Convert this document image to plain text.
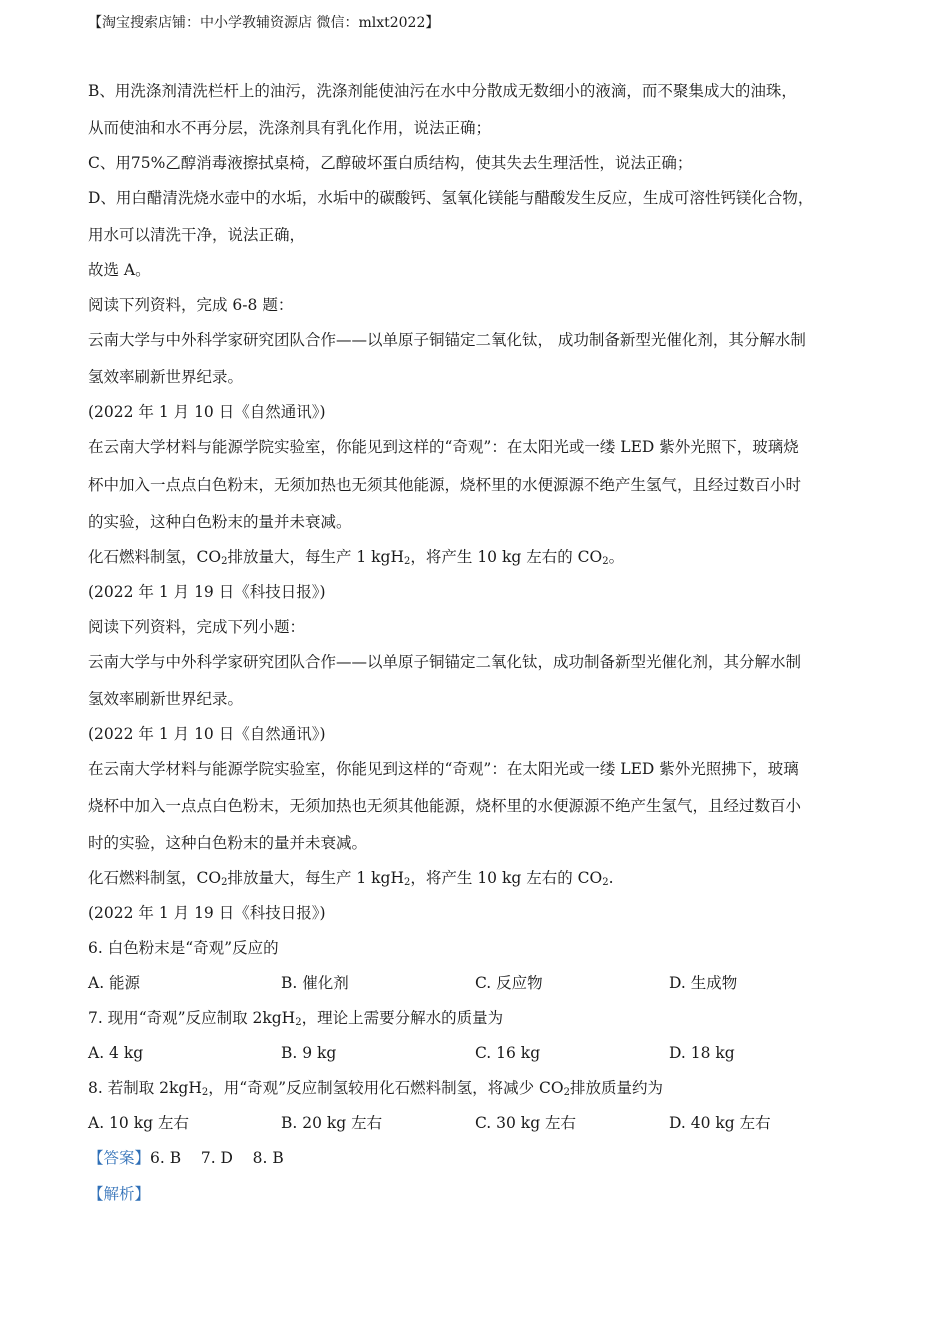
【淘宝搜索店铺：中小学教辅资源店 微信：mlxt2022】
B、用洗涤剂清洗栏杆上的油污，洗涤剂能使油污在水中分散成无数细小的液滴，而不聚集成大的油珠，
从而使油和水不再分层，洗涤剂具有乳化作用，说法正确；
C、用75%乙醇消毒液擦拭桌椅，乙醇破坏蛋白质结构，使其失去生理活性，说法正确；
D、用白醋清洗烧水壶中的水垢，水垢中的碳酸钙、氢氧化镁能与醋酸发生反应，生成可溶性钙镁化合物，
用水可以清洗干净，说法正确，
故选 A。
阅读下列资料，完成 6-8 题：
云南大学与中外科学家研究团队合作——以单原子铜锚定二氧化钛， 成功制备新型光催化剂，其分解水制
氢效率刷新世界纪录。
(2022 年 1 月 10 日《自然通讯》)
在云南大学材料与能源学院实验室，你能见到这样的“奇观”：在太阳光或一缕 LED 紫外光照下，玻璃烧
杯中加入一点点白色粉末，无须加热也无须其他能源，烧杯里的水便源源不绝产生氢气，且经过数百小时
的实验，这种白色粉末的量并未衰减。
化石燃料制氢，$CO_2$排放量大，每生产 1 kgH$_2$，将产生 10 kg 左右的 $CO_2$。
(2022 年 1 月 19 日《科技日报》)
阅读下列资料，完成下列小题：
云南大学与中外科学家研究团队合作——以单原子铜锚定二氧化钛，成功制备新型光催化剂，其分解水制
氢效率刷新世界纪录。
(2022 年 1 月 10 日《自然通讯》)
在云南大学材料与能源学院实验室，你能见到这样的“奇观”：在太阳光或一缕 LED 紫外光照拂下，玻璃
烧杯中加入一点点白色粉末，无须加热也无须其他能源，烧杯里的水便源源不绝产生氢气，且经过数百小
时的实验，这种白色粉末的量并未衰减。
化石燃料制氢，$CO_2$排放量大，每生产 1 kgH$_2$，将产生 10 kg 左右的 $CO_2$.
(2022 年 1 月 19 日《科技日报》)
6. 白色粉末是“奇观”反应的
A. 能源	B. 催化剂	C. 反应物	D. 生成物
7. 现用“奇观”反应制取 2kgH$_2$，理论上需要分解水的质量为
A. 4 kg	B. 9 kg	C. 16 kg	D. 18 kg
8. 若制取 2kgH$_2$，用“奇观”反应制氢较用化石燃料制氢，将减少 $CO_2$排放质量约为
A. 10 kg 左右	B. 20 kg 左右	C. 30 kg 左右	D. 40 kg 左右
【答案】6. B    7. D    8. B
【解析】
